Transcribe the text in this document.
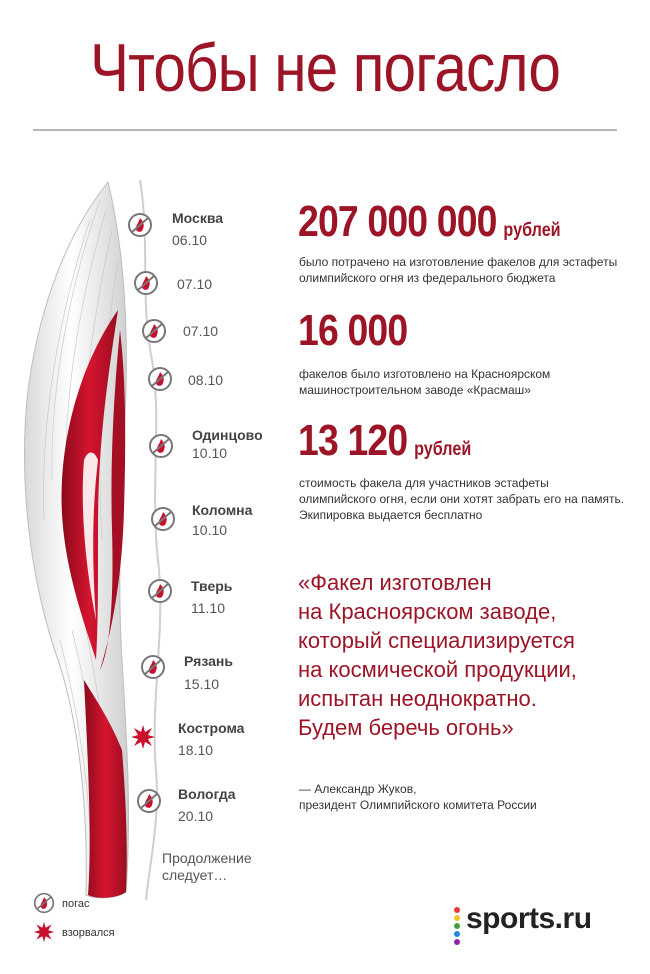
Чтобы не погасло
Москва
06.10
07.10
07.10
08.10
Одинцово
10.10
Коломна
10.10
Тверь
11.10
Рязань
15.10
Кострома
18.10
Вологда
20.10
Продолжение
следует…
207 000 000 рублей
было потрачено на изготовление факелов для эстафеты
олимпийского огня из федерального бюджета
16 000
факелов было изготовлено на Красноярском
машиностроительном заводе «Красмаш»
13 120 рублей
стоимость факела для участников эстафеты
олимпийского огня, если они хотят забрать его на память.
Экипировка выдается бесплатно
«Факел изготовлен
на Красноярском заводе,
который специализируется
на космической продукции,
испытан неоднократно.
Будем беречь огонь»
— Александр Жуков,
президент Олимпийского комитета России
погас
взорвался	sports.ru
